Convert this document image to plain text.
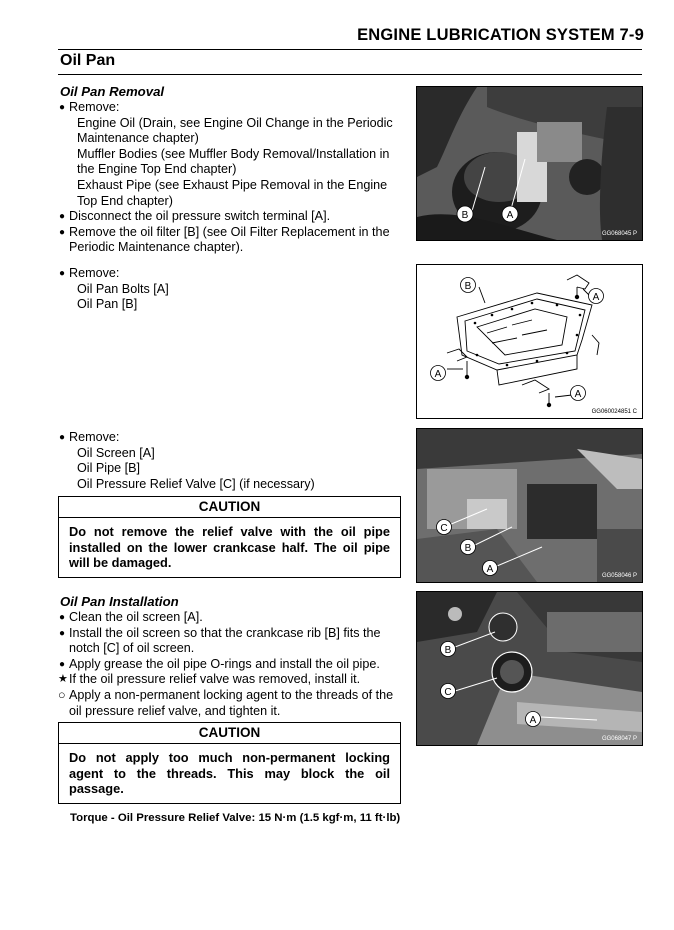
ENGINE LUBRICATION SYSTEM 7-9
Oil Pan
Oil Pan Removal
● Remove:
Engine Oil (Drain, see Engine Oil Change in the Periodic Maintenance chapter)
Muffler Bodies (see Muffler Body Removal/Installation in the Engine Top End chapter)
Exhaust Pipe (see Exhaust Pipe Removal in the Engine Top End chapter)
● Disconnect the oil pressure switch terminal [A].
● Remove the oil filter [B] (see Oil Filter Replacement in the Periodic Maintenance chapter).
● Remove:
Oil Pan Bolts [A]
Oil Pan [B]
● Remove:
Oil Screen [A]
Oil Pipe [B]
Oil Pressure Relief Valve [C] (if necessary)
CAUTION
Do not remove the relief valve with the oil pipe installed on the lower crankcase half. The oil pipe will be damaged.
Oil Pan Installation
● Clean the oil screen [A].
● Install the oil screen so that the crankcase rib [B] fits the notch [C] of oil screen.
● Apply grease the oil pipe O-rings and install the oil pipe.
★ If the oil pressure relief valve was removed, install it.
○ Apply a non-permanent locking agent to the threads of the oil pressure relief valve, and tighten it.
CAUTION
Do not apply too much non-permanent locking agent to the threads. This may block the oil passage.
Torque - Oil Pressure Relief Valve: 15 N·m (1.5 kgf·m, 11 ft·lb)
B	A
GG068045 P
B
A
A
A
GG060024851 C
C
B
A
GG058046 P
B
C
A
GG068047 P
